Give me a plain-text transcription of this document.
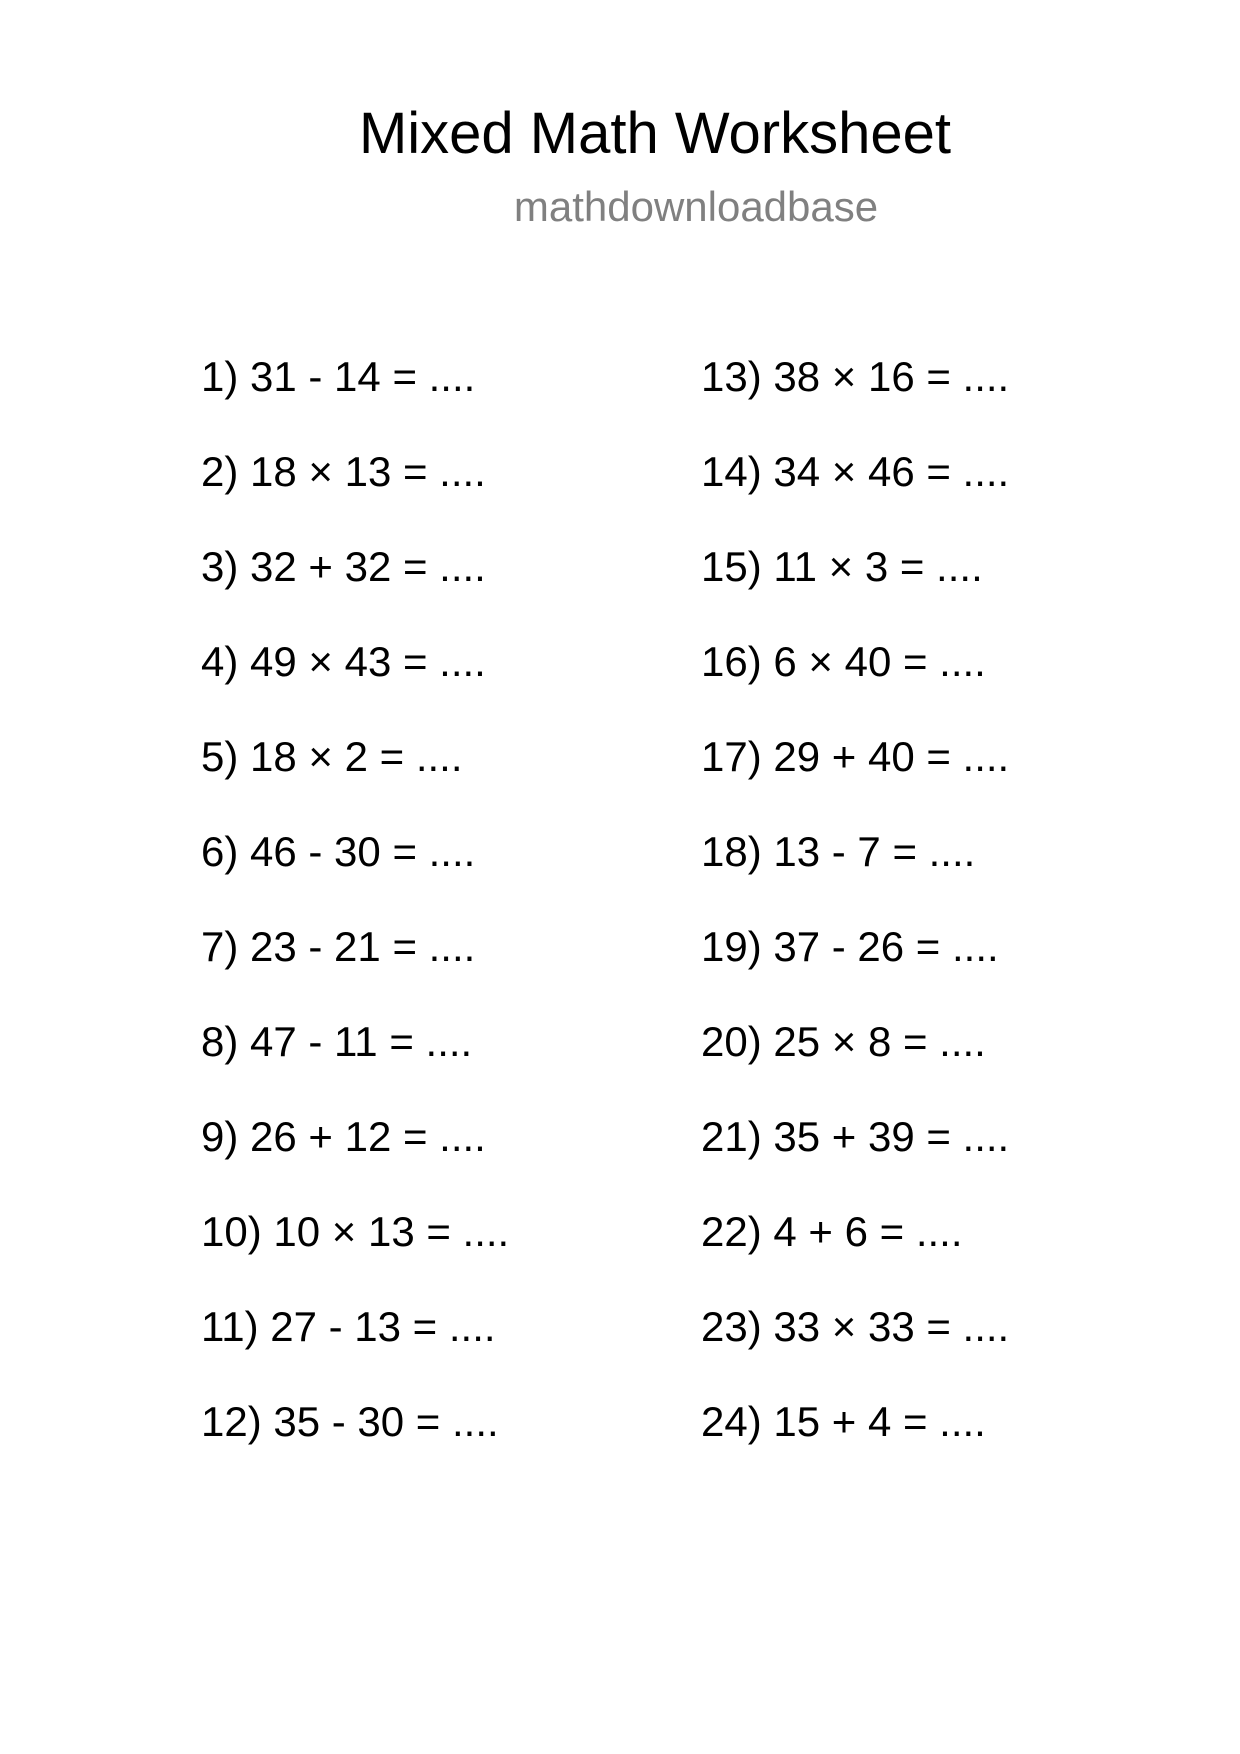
Mixed Math Worksheet
mathdownloadbase
1) 31 - 14 = ....
2) 18 × 13 = ....
3) 32 + 32 = ....
4) 49 × 43 = ....
5) 18 × 2 = ....
6) 46 - 30 = ....
7) 23 - 21 = ....
8) 47 - 11 = ....
9) 26 + 12 = ....
10) 10 × 13 = ....
11) 27 - 13 = ....
12) 35 - 30 = ....
13) 38 × 16 = ....
14) 34 × 46 = ....
15) 11 × 3 = ....
16) 6 × 40 = ....
17) 29 + 40 = ....
18) 13 - 7 = ....
19) 37 - 26 = ....
20) 25 × 8 = ....
21) 35 + 39 = ....
22) 4 + 6 = ....
23) 33 × 33 = ....
24) 15 + 4 = ....
